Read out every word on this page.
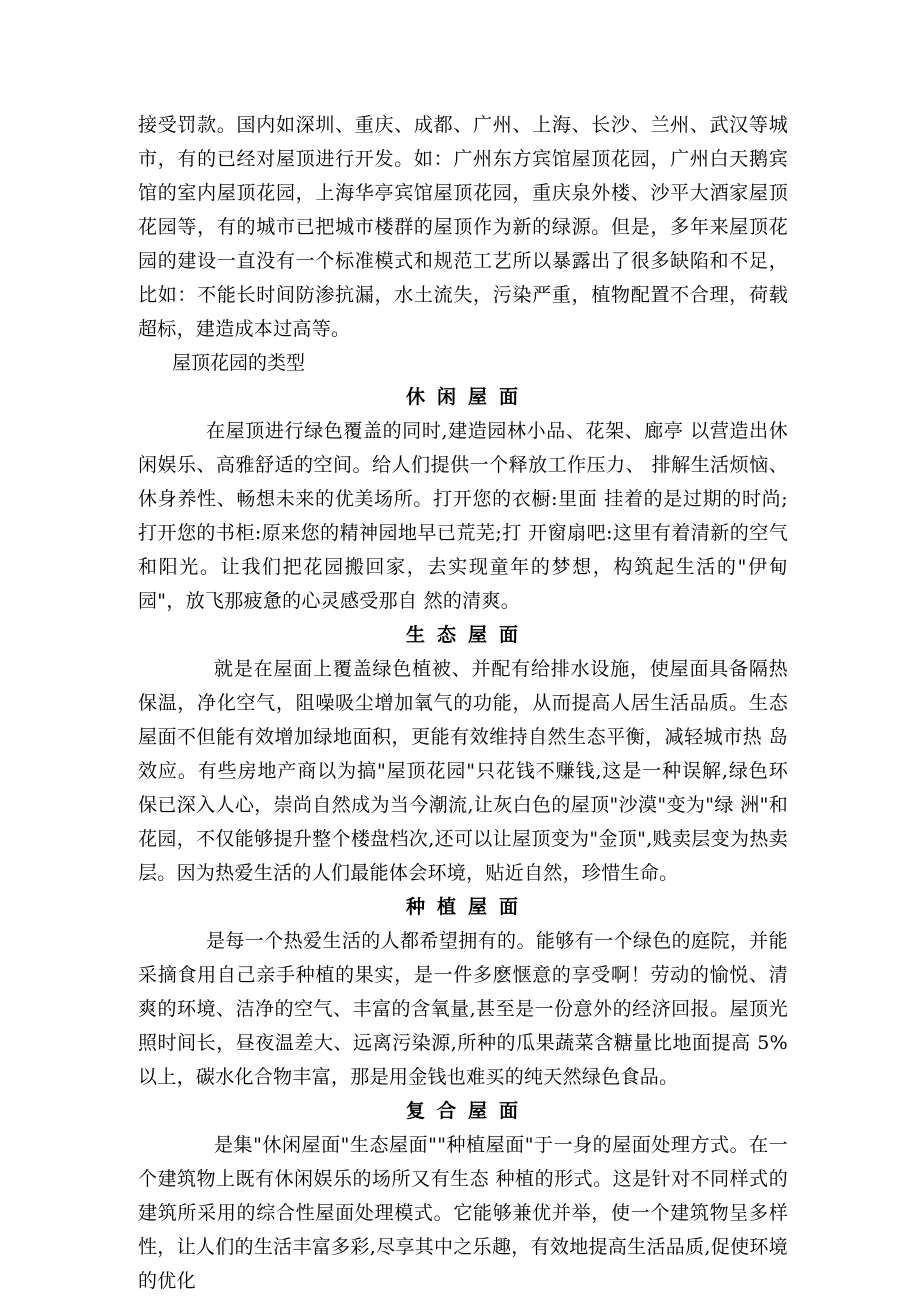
接受罚款。国内如深圳、重庆、成都、广州、上海、长沙、兰州、武汉等城市，有的已经对屋顶进行开发。如：广州东方宾馆屋顶花园，广州白天鹅宾馆的室内屋顶花园，上海华亭宾馆屋顶花园，重庆泉外楼、沙平大酒家屋顶花园等，有的城市已把城市楼群的屋顶作为新的绿源。但是，多年来屋顶花园的建设一直没有一个标准模式和规范工艺所以暴露出了很多缺陷和不足，比如：不能长时间防渗抗漏，水土流失，污染严重，植物配置不合理，荷载超标，建造成本过高等。

屋顶花园的类型

休闲屋面

在屋顶进行绿色覆盖的同时,建造园林小品、花架、廊亭 以营造出休闲娱乐、高雅舒适的空间。给人们提供一个释放工作压力、 排解生活烦恼、休身养性、畅想未来的优美场所。打开您的衣橱:里面 挂着的是过期的时尚;打开您的书柜:原来您的精神园地早已荒芜;打 开窗扇吧:这里有着清新的空气和阳光。让我们把花园搬回家，去实现童年的梦想，构筑起生活的"伊甸园"，放飞那疲惫的心灵感受那自 然的清爽。

生态屋面

就是在屋面上覆盖绿色植被、并配有给排水设施，使屋面具备隔热保温，净化空气，阻噪吸尘增加氧气的功能，从而提高人居生活品质。生态 屋面不但能有效增加绿地面积，更能有效维持自然生态平衡，减轻城市热 岛效应。有些房地产商以为搞"屋顶花园"只花钱不赚钱,这是一种误解,绿色环 保已深入人心，崇尚自然成为当今潮流,让灰白色的屋顶"沙漠"变为"绿 洲"和花园，不仅能够提升整个楼盘档次,还可以让屋顶变为"金顶",贱卖层变为热卖层。因为热爱生活的人们最能体会环境，贴近自然，珍惜生命。

种植屋面

是每一个热爱生活的人都希望拥有的。能够有一个绿色的庭院，并能采摘食用自己亲手种植的果实，是一件多麽惬意的享受啊！劳动的愉悦、清爽的环境、洁净的空气、丰富的含氧量,甚至是一份意外的经济回报。屋顶光照时间长，昼夜温差大、远离污染源,所种的瓜果蔬菜含糖量比地面提高 5%以上，碳水化合物丰富，那是用金钱也难买的纯天然绿色食品。

复合屋面

是集"休闲屋面"生态屋面""种植屋面"于一身的屋面处理方式。在一个建筑物上既有休闲娱乐的场所又有生态 种植的形式。这是针对不同样式的建筑所采用的综合性屋面处理模式。它能够兼优并举，使一个建筑物呈多样性，让人们的生活丰富多彩,尽享其中之乐趣，有效地提高生活品质,促使环境的优化
